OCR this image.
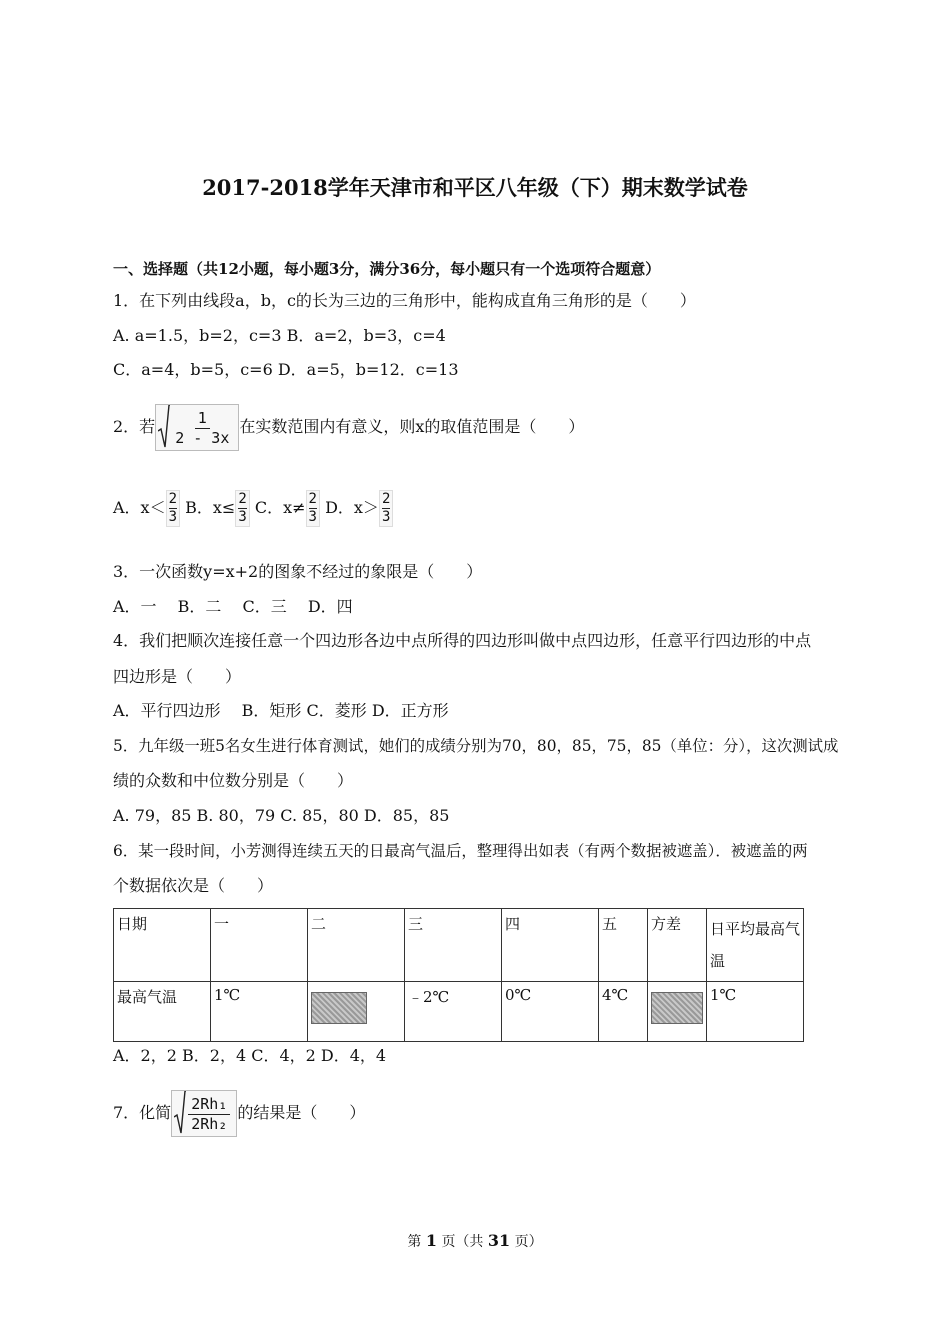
2017-2018学年天津市和平区八年级（下）期末数学试卷
一、选择题（共12小题，每小题3分，满分36分，每小题只有一个选项符合题意）
1．在下列由线段a，b，c的长为三边的三角形中，能构成直角三角形的是（　　）
A. a=1.5，b=2，c=3 B．a=2，b=3，c=4
C．a=4，b=5，c=6 D．a=5，b=12．c=13
2．若 $\frac{1}{2 - 3x}$ 在实数范围内有意义，则x的取值范围是（　　）
A．$x< \frac{2}{3}$ B．$x\le \frac{2}{3}$ C．$x\ne \frac{2}{3}$ D．$x> \frac{2}{3}$
3．一次函数y=x+2的图象不经过的象限是（　　）
A．一　 B．二　 C．三　 D．四
4．我们把顺次连接任意一个四边形各边中点所得的四边形叫做中点四边形，任意平行四边形的中点
四边形是（　　）
A．平行四边形　 B．矩形 C．菱形 D．正方形
5．九年级一班5名女生进行体育测试，她们的成绩分别为70，80，85，75，85（单位：分），这次测试成
绩的众数和中位数分别是（　　）
A. 79，85 B. 80，79 C. 85，80 D．85，85
6．某一段时间，小芳测得连续五天的日最高气温后，整理得出如表（有两个数据被遮盖）．被遮盖的两
个数据依次是（　　）
日期	一	二	三	四	五	方差	日平均最高气温
最高气温	1℃		﹣2℃	0℃	4℃		1℃
A．2，2 B．2，4 C．4，2 D．4，4
7．化简 $\frac{\text{2Rh₁}}{\text{2Rh₂}}$ 的结果是（　　）
第 1 页（共 31 页）
